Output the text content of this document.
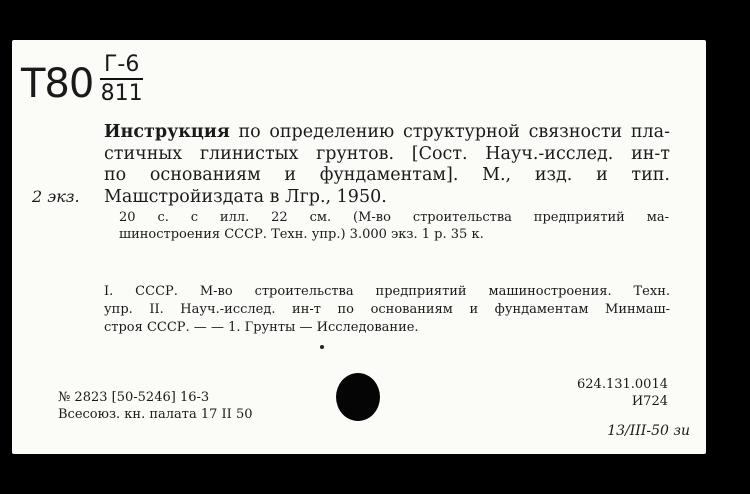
Т80 Г-6
811
2 экз.
Инструкция по определению структурной связности пла-
стичных глинистых грунтов. [Сост. Науч.-исслед. ин-т
по основаниям и фундаментам]. М., изд. и тип.
Машстройиздата в Лгр., 1950.
20 с. с илл. 22 см. (М-во строительства предприятий ма-
шиностроения СССР. Техн. упр.) 3.000 экз. 1 р. 35 к.
I. СССР. М-во строительства предприятий машиностроения. Техн.
упр. II. Науч.-исслед. ин-т по основаниям и фундаментам Минмаш-
строя СССР. — — 1. Грунты — Исследование.
№ 2823 [50-5246] 16-3
Всесоюз. кн. палата 17 II 50
624.131.0014
И724
13/III-50 зи
